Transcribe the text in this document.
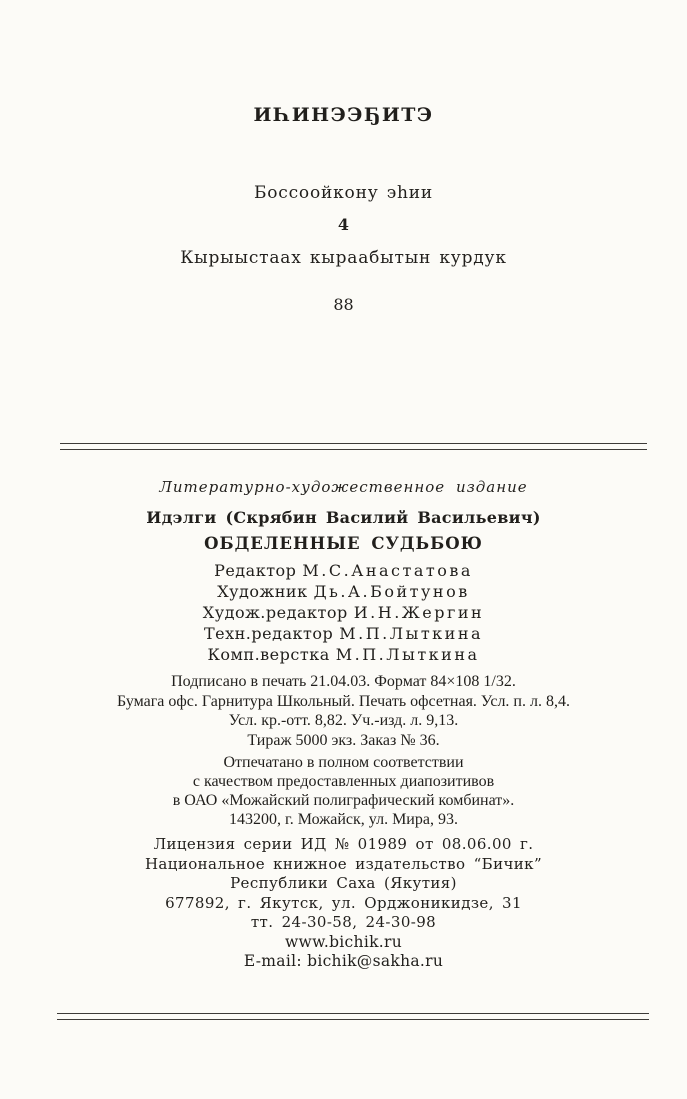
ИҺИНЭЭҔИТЭ
Боссоойкону эһии
4
Кырыыстаах кыраабытын курдук
88
Литературно-художественное издание
Идэлги (Скрябин Василий Васильевич)
ОБДЕЛЕННЫЕ СУДЬБОЮ
Редактор М.С.Анастатова
Художник Дь.А.Бойтунов
Худож.редактор И.Н.Жергин
Техн.редактор М.П.Лыткина
Комп.верстка М.П.Лыткина
Подписано в печать 21.04.03. Формат 84×108 1/32.
Бумага офс. Гарнитура Школьный. Печать офсетная. Усл. п. л. 8,4.
Усл. кр.-отт. 8,82. Уч.-изд. л. 9,13.
Тираж 5000 экз. Заказ № 36.
Отпечатано в полном соответствии
с качеством предоставленных диапозитивов
в ОАО «Можайский полиграфический комбинат».
143200, г. Можайск, ул. Мира, 93.
Лицензия серии ИД № 01989 от 08.06.00 г.
Национальное книжное издательство “Бичик”
Республики Саха (Якутия)
677892, г. Якутск, ул. Орджоникидзе, 31
тт. 24-30-58, 24-30-98
www.bichik.ru
E-mail: bichik@sakha.ru
